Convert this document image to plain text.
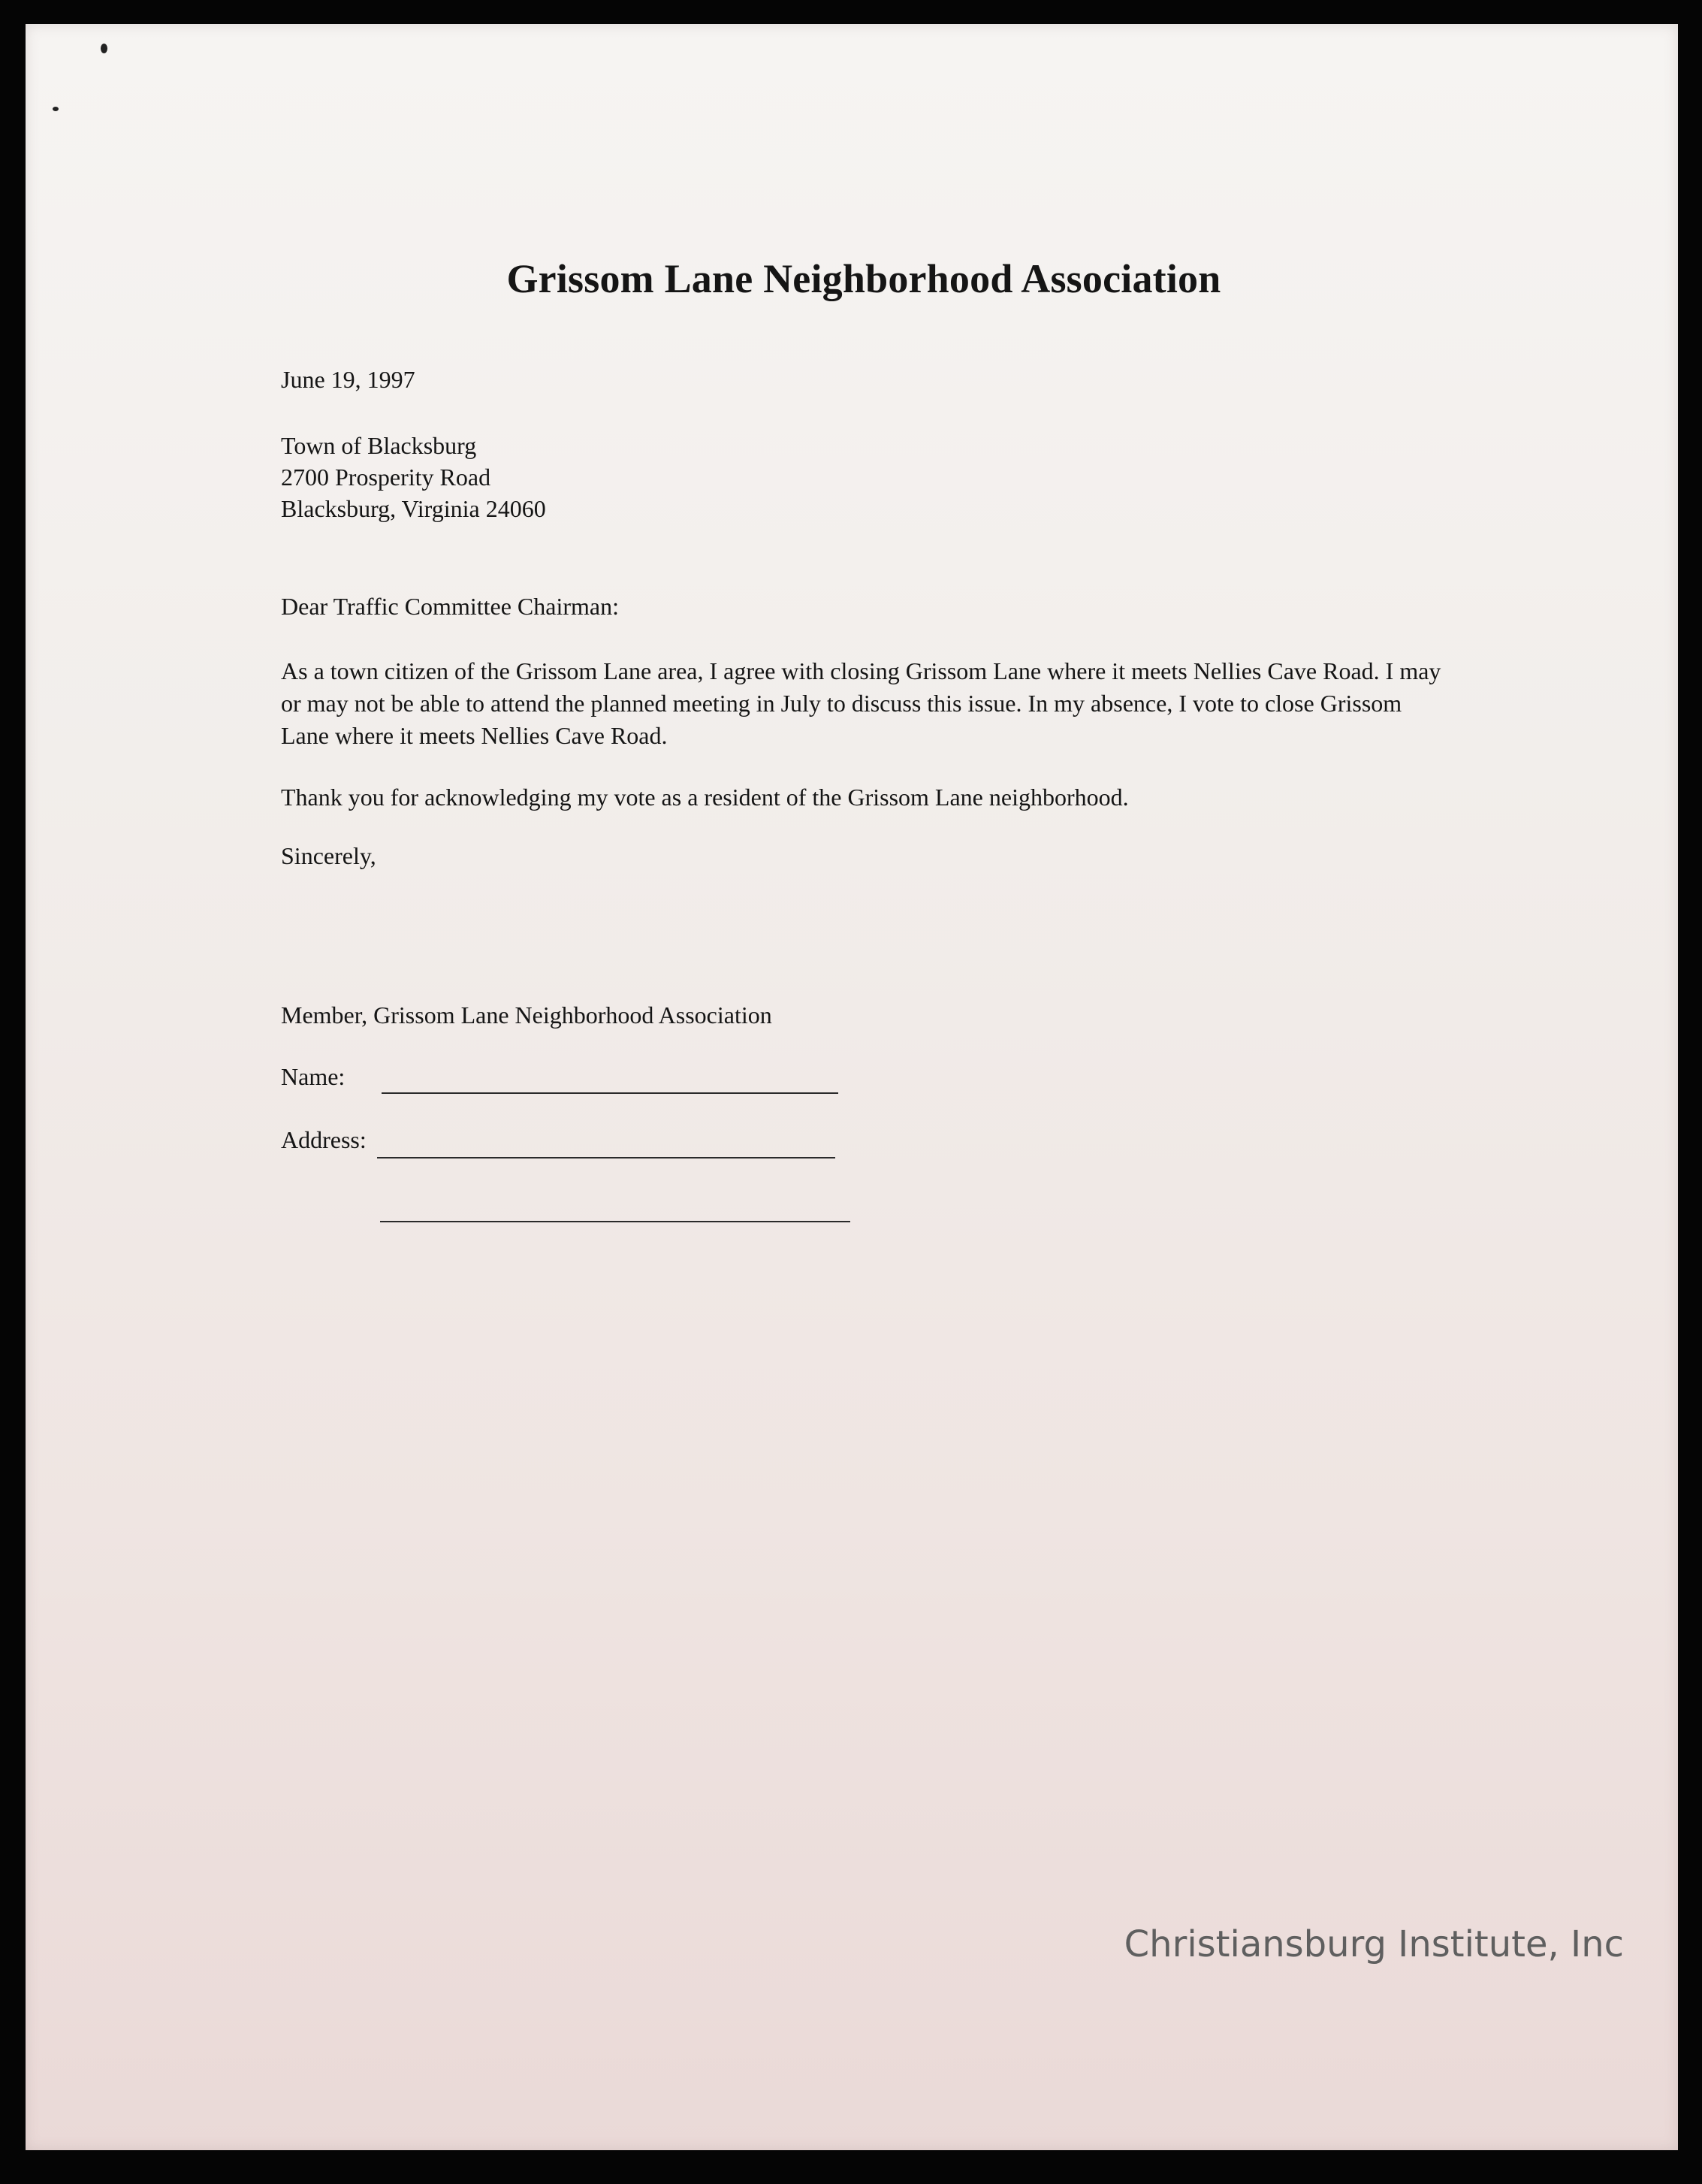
Grissom Lane Neighborhood Association
June 19, 1997
Town of Blacksburg
2700 Prosperity Road
Blacksburg, Virginia 24060
Dear Traffic Committee Chairman:
As a town citizen of the Grissom Lane area, I agree with closing Grissom Lane where it meets Nellies Cave Road. I may or may not be able to attend the planned meeting in July to discuss this issue. In my absence, I vote to close Grissom Lane where it meets Nellies Cave Road.
Thank you for acknowledging my vote as a resident of the Grissom Lane neighborhood.
Sincerely,
Member, Grissom Lane Neighborhood Association
Name:
Address:
Christiansburg Institute, Inc
